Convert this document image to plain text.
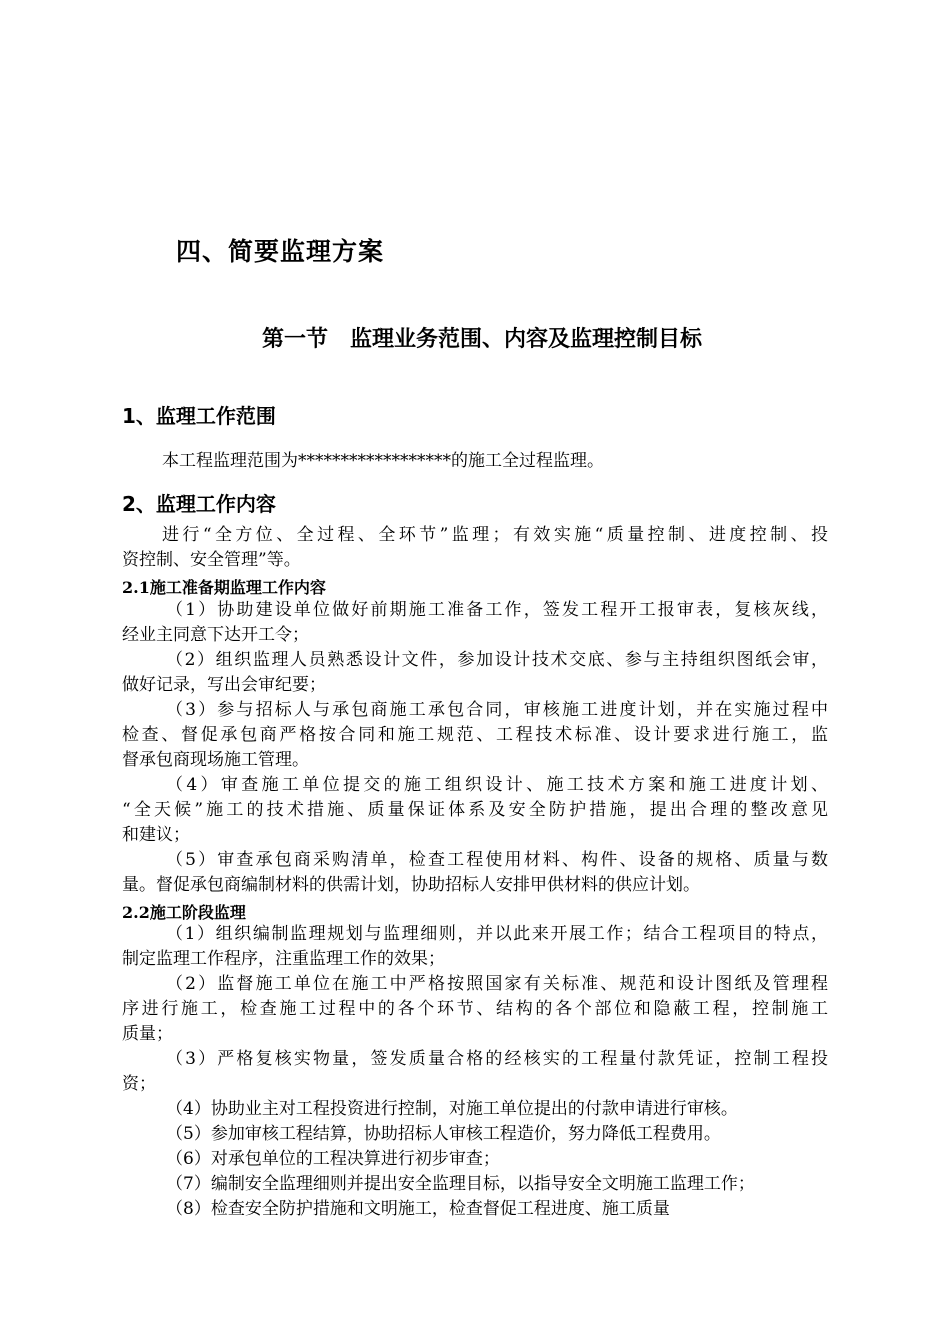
四、简要监理方案
第一节　监理业务范围、内容及监理控制目标
1、监理工作范围
本工程监理范围为******************的施工全过程监理。
2、监理工作内容
进行“全方位、全过程、全环节”监理；有效实施“质量控制、进度控制、投
资控制、安全管理”等。
2.1施工准备期监理工作内容
（1）协助建设单位做好前期施工准备工作，签发工程开工报审表，复核灰线，
经业主同意下达开工令；
（2）组织监理人员熟悉设计文件，参加设计技术交底、参与主持组织图纸会审，
做好记录，写出会审纪要；
（3）参与招标人与承包商施工承包合同，审核施工进度计划，并在实施过程中
检查、督促承包商严格按合同和施工规范、工程技术标准、设计要求进行施工，监
督承包商现场施工管理。
（4）审查施工单位提交的施工组织设计、施工技术方案和施工进度计划、
“全天候”施工的技术措施、质量保证体系及安全防护措施，提出合理的整改意见
和建议；
（5）审查承包商采购清单，检查工程使用材料、构件、设备的规格、质量与数
量。督促承包商编制材料的供需计划，协助招标人安排甲供材料的供应计划。
2.2施工阶段监理
（1）组织编制监理规划与监理细则，并以此来开展工作；结合工程项目的特点，
制定监理工作程序，注重监理工作的效果；
（2）监督施工单位在施工中严格按照国家有关标准、规范和设计图纸及管理程
序进行施工，检查施工过程中的各个环节、结构的各个部位和隐蔽工程，控制施工
质量；
（3）严格复核实物量，签发质量合格的经核实的工程量付款凭证，控制工程投
资；
（4）协助业主对工程投资进行控制，对施工单位提出的付款申请进行审核。
（5）参加审核工程结算，协助招标人审核工程造价，努力降低工程费用。
（6）对承包单位的工程决算进行初步审查；
（7）编制安全监理细则并提出安全监理目标，以指导安全文明施工监理工作；
（8）检查安全防护措施和文明施工，检查督促工程进度、施工质量
